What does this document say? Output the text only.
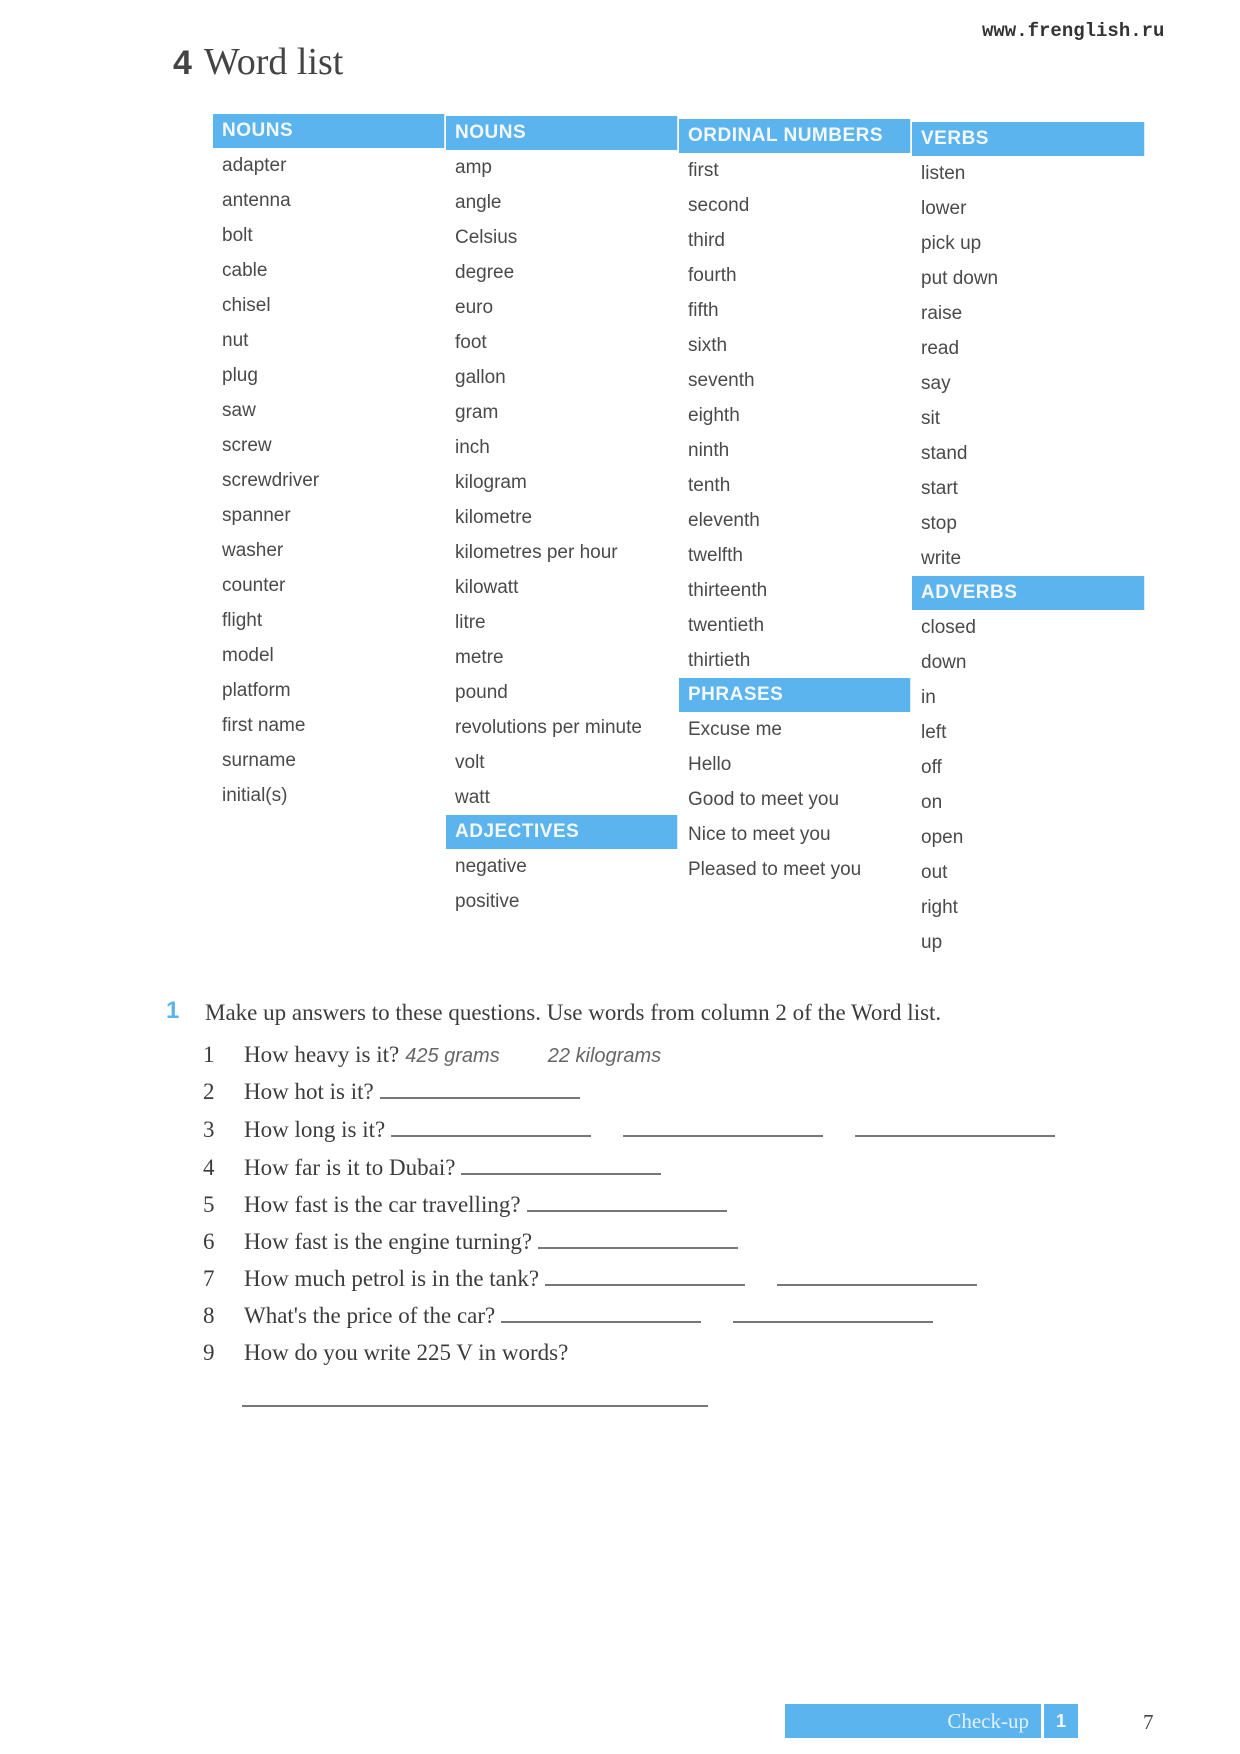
www.frenglish.ru
4 Word list
NOUNS
adapter
antenna
bolt
cable
chisel
nut
plug
saw
screw
screwdriver
spanner
washer
counter
flight
model
platform
first name
surname
initial(s)
NOUNS
amp
angle
Celsius
degree
euro
foot
gallon
gram
inch
kilogram
kilometre
kilometres per hour
kilowatt
litre
metre
pound
revolutions per minute
volt
watt
ADJECTIVES
negative
positive
ORDINAL NUMBERS
first
second
third
fourth
fifth
sixth
seventh
eighth
ninth
tenth
eleventh
twelfth
thirteenth
twentieth
thirtieth
PHRASES
Excuse me
Hello
Good to meet you
Nice to meet you
Pleased to meet you
VERBS
listen
lower
pick up
put down
raise
read
say
sit
stand
start
stop
write
ADVERBS
closed
down
in
left
off
on
open
out
right
up
1 Make up answers to these questions. Use words from column 2 of the Word list.
1 How heavy is it? 425 grams 22 kilograms
2 How hot is it?
3 How long is it?
4 How far is it to Dubai?
5 How fast is the car travelling?
6 How fast is the engine turning?
7 How much petrol is in the tank?
8 What's the price of the car?
9 How do you write 225 V in words?
Check-up	1	7
